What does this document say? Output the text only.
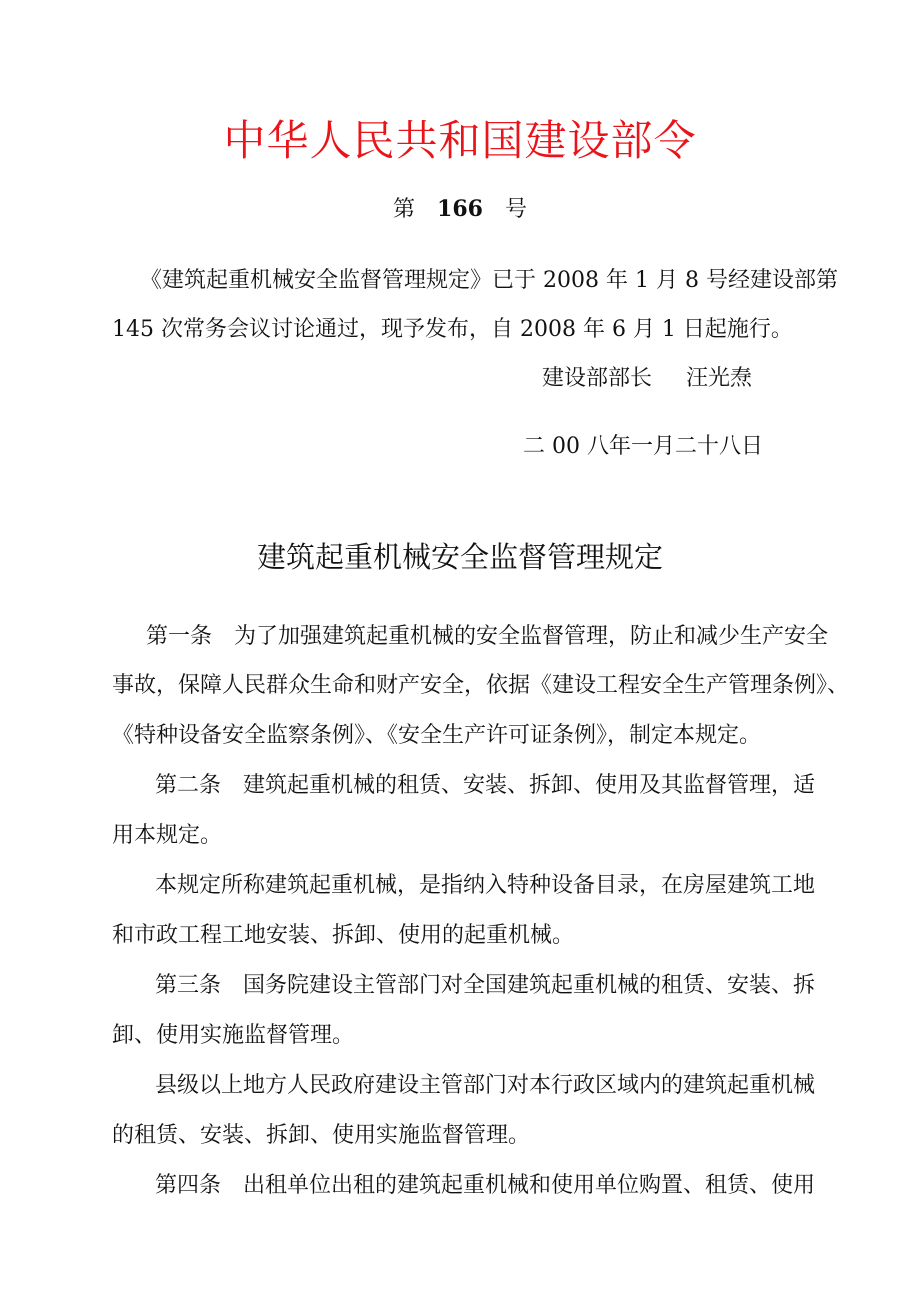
中华人民共和国建设部令
第 166 号
《建筑起重机械安全监督管理规定》已于 2008 年 1 月 8 号经建设部第
145 次常务会议讨论通过，现予发布，自 2008 年 6 月 1 日起施行。
建设部部长 汪光焘
二 00 八年一月二十八日
建筑起重机械安全监督管理规定
第一条　为了加强建筑起重机械的安全监督管理，防止和减少生产安全
事故，保障人民群众生命和财产安全，依据《建设工程安全生产管理条例》、
《特种设备安全监察条例》、《安全生产许可证条例》，制定本规定。
第二条　建筑起重机械的租赁、安装、拆卸、使用及其监督管理，适
用本规定。
本规定所称建筑起重机械，是指纳入特种设备目录，在房屋建筑工地
和市政工程工地安装、拆卸、使用的起重机械。
第三条　国务院建设主管部门对全国建筑起重机械的租赁、安装、拆
卸、使用实施监督管理。
县级以上地方人民政府建设主管部门对本行政区域内的建筑起重机械
的租赁、安装、拆卸、使用实施监督管理。
第四条　出租单位出租的建筑起重机械和使用单位购置、租赁、使用
